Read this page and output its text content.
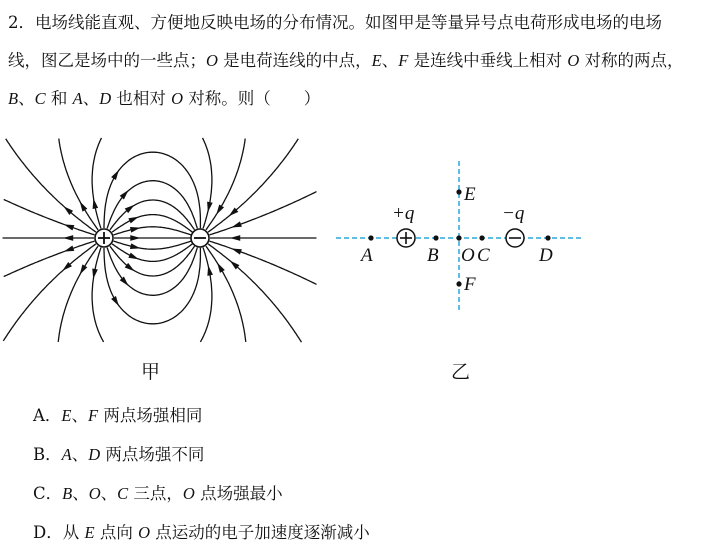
2．电场线能直观、方便地反映电场的分布情况。如图甲是等量异号点电荷形成电场的电场
线，图乙是场中的一些点；O 是电荷连线的中点，E、F 是连线中垂线上相对 O 对称的两点，
B、C 和 A、D 也相对 O 对称。则（　　）
甲
+q	−q
A	B O C	D
E
F
乙
A．E、F 两点场强相同
B．A、D 两点场强不同
C．B、O、C 三点，O 点场强最小
D．从 E 点向 O 点运动的电子加速度逐渐减小
